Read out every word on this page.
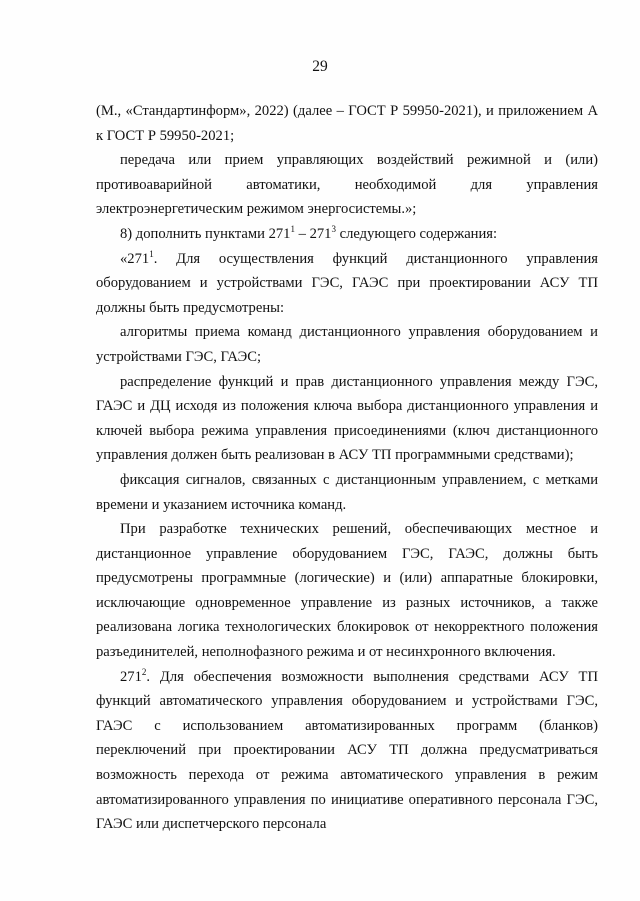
29

(М., «Стандартинформ», 2022) (далее – ГОСТ Р 59950-2021), и приложением А к ГОСТ Р 59950-2021;

передача или прием управляющих воздействий режимной и (или) противоаварийной автоматики, необходимой для управления электроэнергетическим режимом энергосистемы.»;

8) дополнить пунктами $271^1 - 271^3$ следующего содержания:

«$271^1$. Для осуществления функций дистанционного управления оборудованием и устройствами ГЭС, ГАЭС при проектировании АСУ ТП должны быть предусмотрены:

алгоритмы приема команд дистанционного управления оборудованием и устройствами ГЭС, ГАЭС;

распределение функций и прав дистанционного управления между ГЭС, ГАЭС и ДЦ исходя из положения ключа выбора дистанционного управления и ключей выбора режима управления присоединениями (ключ дистанционного управления должен быть реализован в АСУ ТП программными средствами);

фиксация сигналов, связанных с дистанционным управлением, с метками времени и указанием источника команд.

При разработке технических решений, обеспечивающих местное и дистанционное управление оборудованием ГЭС, ГАЭС, должны быть предусмотрены программные (логические) и (или) аппаратные блокировки, исключающие одновременное управление из разных источников, а также реализована логика технологических блокировок от некорректного положения разъединителей, неполнофазного режима и от несинхронного включения.

$271^2$. Для обеспечения возможности выполнения средствами АСУ ТП функций автоматического управления оборудованием и устройствами ГЭС, ГАЭС с использованием автоматизированных программ (бланков) переключений при проектировании АСУ ТП должна предусматриваться возможность перехода от режима автоматического управления в режим автоматизированного управления по инициативе оперативного персонала ГЭС, ГАЭС или диспетчерского персонала
